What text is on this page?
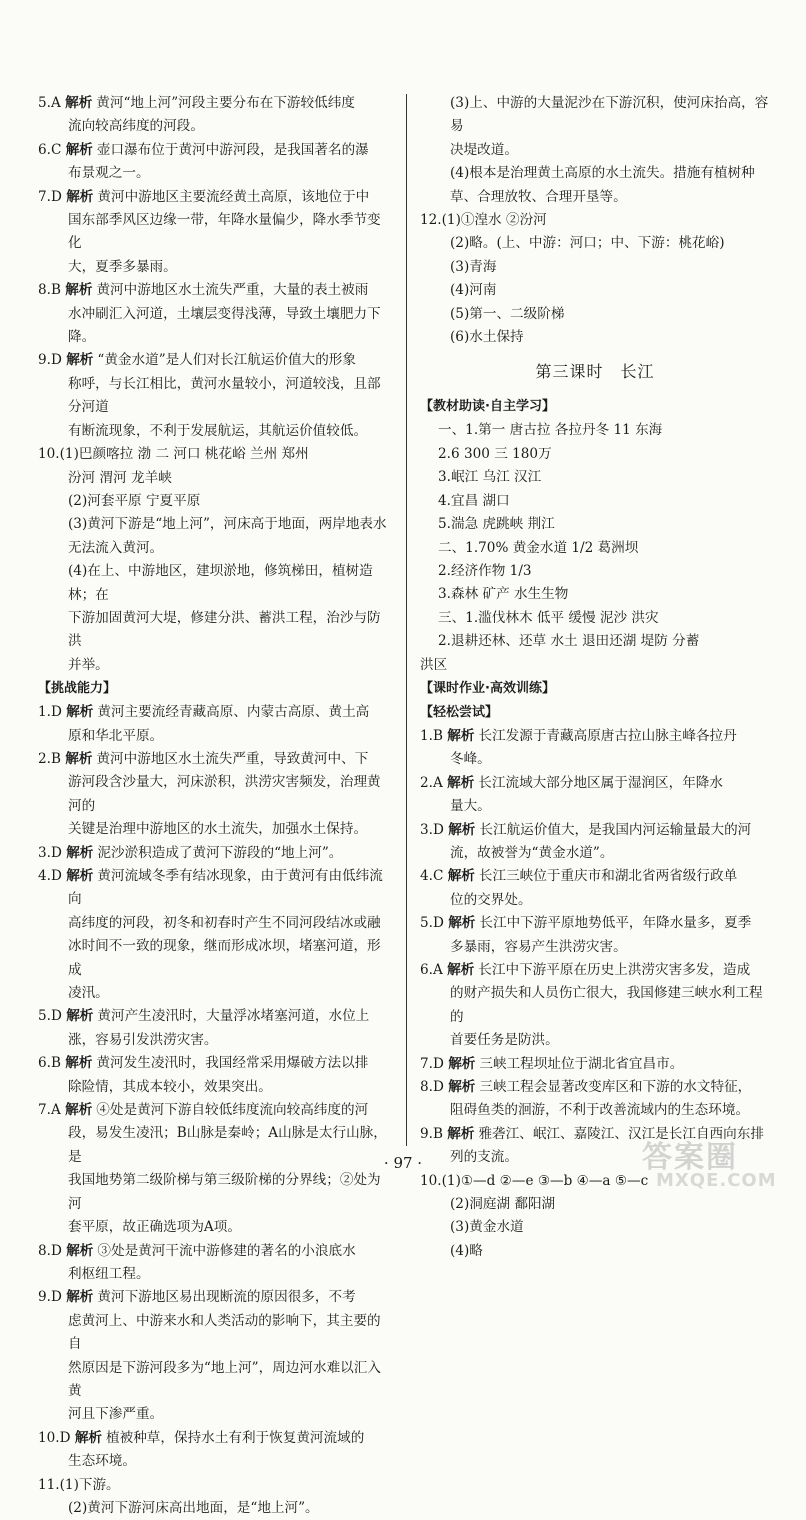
5.A 解析 黄河“地上河”河段主要分布在下游较低纬度

流向较高纬度的河段。

6.C 解析 壶口瀑布位于黄河中游河段，是我国著名的瀑

布景观之一。

7.D 解析 黄河中游地区主要流经黄土高原，该地位于中

国东部季风区边缘一带，年降水量偏少，降水季节变化

大，夏季多暴雨。

8.B 解析 黄河中游地区水土流失严重，大量的表土被雨

水冲刷汇入河道，土壤层变得浅薄，导致土壤肥力下降。

9.D 解析 “黄金水道”是人们对长江航运价值大的形象

称呼，与长江相比，黄河水量较小，河道较浅，且部分河道

有断流现象，不利于发展航运，其航运价值较低。

10.(1)巴颜喀拉 渤 二 河口 桃花峪 兰州 郑州

汾河 渭河 龙羊峡

(2)河套平原 宁夏平原

(3)黄河下游是“地上河”，河床高于地面，两岸地表水

无法流入黄河。

(4)在上、中游地区，建坝淤地，修筑梯田，植树造林；在

下游加固黄河大堤，修建分洪、蓄洪工程，治沙与防洪

并举。

【挑战能力】

1.D 解析 黄河主要流经青藏高原、内蒙古高原、黄土高

原和华北平原。

2.B 解析 黄河中游地区水土流失严重，导致黄河中、下

游河段含沙量大，河床淤积，洪涝灾害频发，治理黄河的

关键是治理中游地区的水土流失，加强水土保持。

3.D 解析 泥沙淤积造成了黄河下游段的“地上河”。

4.D 解析 黄河流域冬季有结冰现象，由于黄河有由低纬流向

高纬度的河段，初冬和初春时产生不同河段结冰或融

冰时间不一致的现象，继而形成冰坝，堵塞河道，形成

凌汛。

5.D 解析 黄河产生凌汛时，大量浮冰堵塞河道，水位上

涨，容易引发洪涝灾害。

6.B 解析 黄河发生凌汛时，我国经常采用爆破方法以排

除险情，其成本较小，效果突出。

7.A 解析 ④处是黄河下游自较低纬度流向较高纬度的河

段，易发生凌汛；B山脉是秦岭；A山脉是太行山脉，是

我国地势第二级阶梯与第三级阶梯的分界线；②处为河

套平原，故正确选项为A项。

8.D 解析 ③处是黄河干流中游修建的著名的小浪底水

利枢纽工程。

9.D 解析 黄河下游地区易出现断流的原因很多，不考

虑黄河上、中游来水和人类活动的影响下，其主要的自

然原因是下游河段多为“地上河”，周边河水难以汇入黄

河且下渗严重。

10.D 解析 植被种草，保持水土有利于恢复黄河流域的

生态环境。

11.(1)下游。

(2)黄河下游河床高出地面，是“地上河”。

(3)上、中游的大量泥沙在下游沉积，使河床抬高，容易

决堤改道。

(4)根本是治理黄土高原的水土流失。措施有植树种

草、合理放牧、合理开垦等。

12.(1)①湟水 ②汾河

(2)略。(上、中游：河口；中、下游：桃花峪)

(3)青海

(4)河南

(5)第一、二级阶梯

(6)水土保持

第三课时　长江

【教材助读·自主学习】

一、1.第一 唐古拉 各拉丹冬 11 东海

2.6 300 三 180万

3.岷江 乌江 汉江

4.宜昌 湖口

5.湍急 虎跳峡 荆江

二、1.70% 黄金水道 1/2 葛洲坝

2.经济作物 1/3

3.森林 矿产 水生生物

三、1.滥伐林木 低平 缓慢 泥沙 洪灾

2.退耕还林、还草 水土 退田还湖 堤防 分蓄

洪区

【课时作业·高效训练】

【轻松尝试】

1.B 解析 长江发源于青藏高原唐古拉山脉主峰各拉丹

冬峰。

2.A 解析 长江流域大部分地区属于湿润区，年降水

量大。

3.D 解析 长江航运价值大，是我国内河运输量最大的河

流，故被誉为“黄金水道”。

4.C 解析 长江三峡位于重庆市和湖北省两省级行政单

位的交界处。

5.D 解析 长江中下游平原地势低平，年降水量多，夏季

多暴雨，容易产生洪涝灾害。

6.A 解析 长江中下游平原在历史上洪涝灾害多发，造成

的财产损失和人员伤亡很大，我国修建三峡水利工程的

首要任务是防洪。

7.D 解析 三峡工程坝址位于湖北省宜昌市。

8.D 解析 三峡工程会显著改变库区和下游的水文特征，

阻碍鱼类的洄游，不利于改善流域内的生态环境。

9.B 解析 雅砻江、岷江、嘉陵江、汉江是长江自西向东排

列的支流。

10.(1)①—d ②—e ③—b ④—a ⑤—c

(2)洞庭湖 鄱阳湖

(3)黄金水道

(4)略

· 97 ·	答案圈
MXQE.COM
